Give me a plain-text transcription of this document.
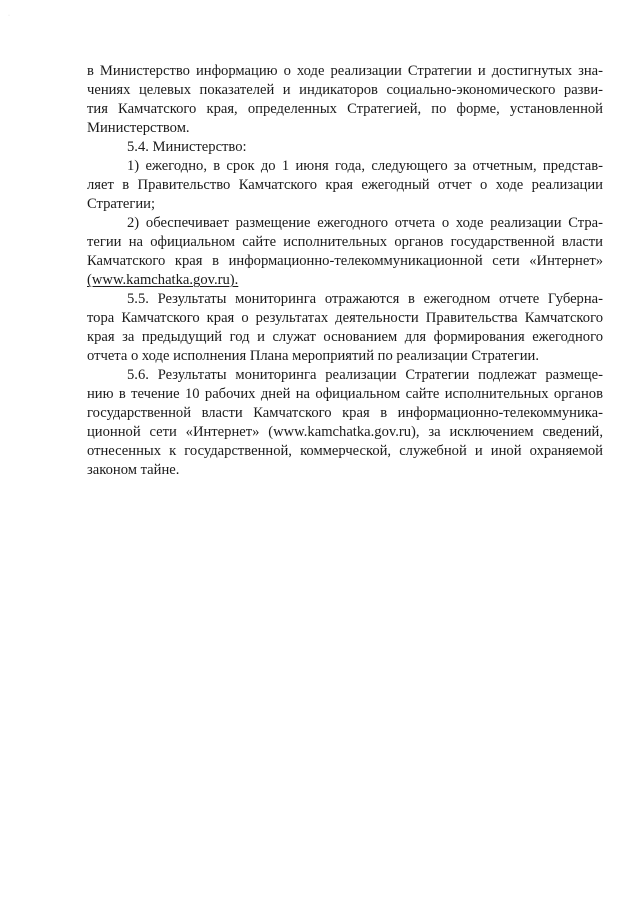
·
в Министерство информацию о ходе реализации Стратегии и достигнутых зна-
чениях целевых показателей и индикаторов социально-экономического разви-
тия Камчатского края, определенных Стратегией, по форме, установленной
Министерством.
5.4. Министерство:
1) ежегодно, в срок до 1 июня года, следующего за отчетным, представ-
ляет в Правительство Камчатского края ежегодный отчет о ходе реализации
Стратегии;
2) обеспечивает размещение ежегодного отчета о ходе реализации Стра-
тегии на официальном сайте исполнительных органов государственной власти
Камчатского края в информационно-телекоммуникационной сети «Интернет»
(www.kamchatka.gov.ru).
5.5. Результаты мониторинга отражаются в ежегодном отчете Губерна-
тора Камчатского края о результатах деятельности Правительства Камчатского
края за предыдущий год и служат основанием для формирования ежегодного
отчета о ходе исполнения Плана мероприятий по реализации Стратегии.
5.6. Результаты мониторинга реализации Стратегии подлежат размеще-
нию в течение 10 рабочих дней на официальном сайте исполнительных органов
государственной власти Камчатского края в информационно-телекоммуника-
ционной сети «Интернет» (www.kamchatka.gov.ru), за исключением сведений,
отнесенных к государственной, коммерческой, служебной и иной охраняемой
законом тайне.
